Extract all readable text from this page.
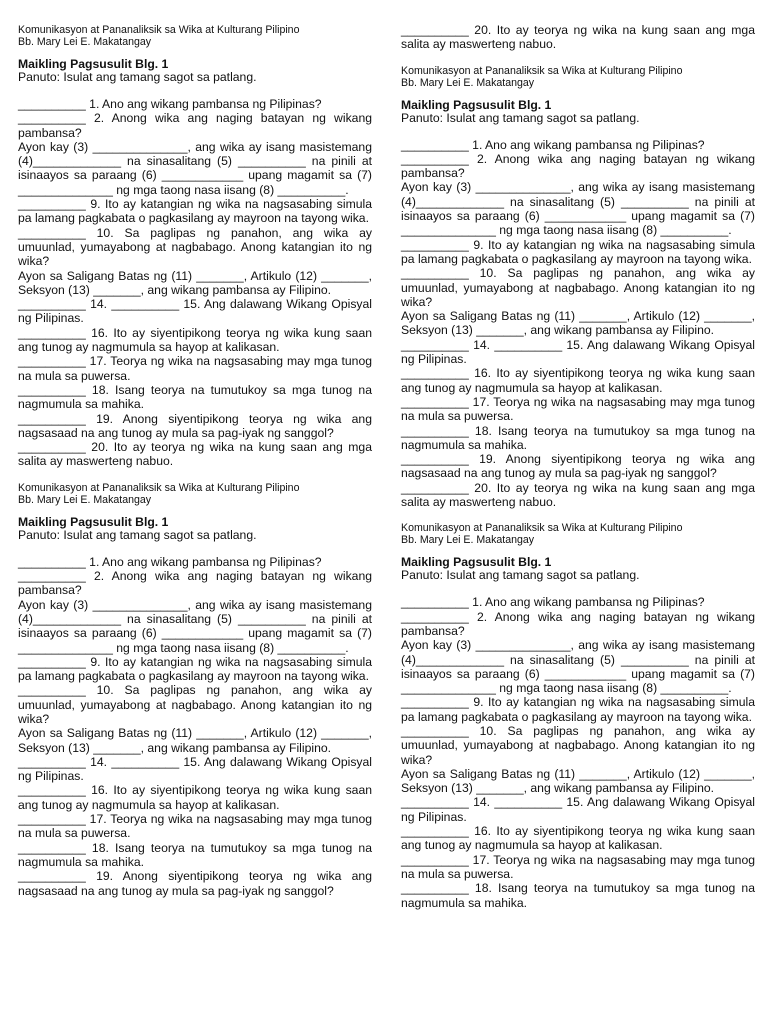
Komunikasyon at Pananaliksik sa Wika at Kulturang Pilipino
Bb. Mary Lei E. Makatangay
Maikling Pagsusulit Blg. 1
Panuto: Isulat ang tamang sagot sa patlang.

__________ 1. Ano ang wikang pambansa ng Pilipinas?

__________ 2. Anong wika ang naging batayan ng wikang pambansa?

Ayon kay (3) ______________, ang wika ay isang masistemang (4)_____________ na sinasalitang (5) __________ na pinili at isinaayos sa paraang (6) ____________ upang magamit sa (7) ______________ ng mga taong nasa iisang (8) __________.

__________ 9. Ito ay katangian ng wika na nagsasabing simula pa lamang pagkabata o pagkasilang ay mayroon na tayong wika.

__________ 10. Sa paglipas ng panahon, ang wika ay umuunlad, yumayabong at nagbabago. Anong katangian ito ng wika?

Ayon sa Saligang Batas ng (11) _______, Artikulo (12) _______, Seksyon (13) _______, ang wikang pambansa ay Filipino.

__________ 14. __________ 15. Ang dalawang Wikang Opisyal ng Pilipinas.

__________ 16. Ito ay siyentipikong teorya ng wika kung saan ang tunog ay nagmumula sa hayop at kalikasan.

__________ 17. Teorya ng wika na nagsasabing may mga tunog na mula sa puwersa.

__________ 18. Isang teorya na tumutukoy sa mga tunog na nagmumula sa mahika.

__________ 19. Anong siyentipikong teorya ng wika ang nagsasaad na ang tunog ay mula sa pag-iyak ng sanggol?

__________ 20. Ito ay teorya ng wika na kung saan ang mga salita ay maswerteng nabuo.

Komunikasyon at Pananaliksik sa Wika at Kulturang Pilipino
Bb. Mary Lei E. Makatangay
Maikling Pagsusulit Blg. 1
Panuto: Isulat ang tamang sagot sa patlang.

__________ 1. Ano ang wikang pambansa ng Pilipinas?

__________ 2. Anong wika ang naging batayan ng wikang pambansa?

Ayon kay (3) ______________, ang wika ay isang masistemang (4)_____________ na sinasalitang (5) __________ na pinili at isinaayos sa paraang (6) ____________ upang magamit sa (7) ______________ ng mga taong nasa iisang (8) __________.

__________ 9. Ito ay katangian ng wika na nagsasabing simula pa lamang pagkabata o pagkasilang ay mayroon na tayong wika.

__________ 10. Sa paglipas ng panahon, ang wika ay umuunlad, yumayabong at nagbabago. Anong katangian ito ng wika?

Ayon sa Saligang Batas ng (11) _______, Artikulo (12) _______, Seksyon (13) _______, ang wikang pambansa ay Filipino.

__________ 14. __________ 15. Ang dalawang Wikang Opisyal ng Pilipinas.

__________ 16. Ito ay siyentipikong teorya ng wika kung saan ang tunog ay nagmumula sa hayop at kalikasan.

__________ 17. Teorya ng wika na nagsasabing may mga tunog na mula sa puwersa.

__________ 18. Isang teorya na tumutukoy sa mga tunog na nagmumula sa mahika.

__________ 19. Anong siyentipikong teorya ng wika ang nagsasaad na ang tunog ay mula sa pag-iyak ng sanggol?

__________ 20. Ito ay teorya ng wika na kung saan ang mga salita ay maswerteng nabuo.

Komunikasyon at Pananaliksik sa Wika at Kulturang Pilipino
Bb. Mary Lei E. Makatangay
Maikling Pagsusulit Blg. 1
Panuto: Isulat ang tamang sagot sa patlang.

__________ 1. Ano ang wikang pambansa ng Pilipinas?

__________ 2. Anong wika ang naging batayan ng wikang pambansa?

Ayon kay (3) ______________, ang wika ay isang masistemang (4)_____________ na sinasalitang (5) __________ na pinili at isinaayos sa paraang (6) ____________ upang magamit sa (7) ______________ ng mga taong nasa iisang (8) __________.

__________ 9. Ito ay katangian ng wika na nagsasabing simula pa lamang pagkabata o pagkasilang ay mayroon na tayong wika.

__________ 10. Sa paglipas ng panahon, ang wika ay umuunlad, yumayabong at nagbabago. Anong katangian ito ng wika?

Ayon sa Saligang Batas ng (11) _______, Artikulo (12) _______, Seksyon (13) _______, ang wikang pambansa ay Filipino.

__________ 14. __________ 15. Ang dalawang Wikang Opisyal ng Pilipinas.

__________ 16. Ito ay siyentipikong teorya ng wika kung saan ang tunog ay nagmumula sa hayop at kalikasan.

__________ 17. Teorya ng wika na nagsasabing may mga tunog na mula sa puwersa.

__________ 18. Isang teorya na tumutukoy sa mga tunog na nagmumula sa mahika.

__________ 19. Anong siyentipikong teorya ng wika ang nagsasaad na ang tunog ay mula sa pag-iyak ng sanggol?

__________ 20. Ito ay teorya ng wika na kung saan ang mga salita ay maswerteng nabuo.

Komunikasyon at Pananaliksik sa Wika at Kulturang Pilipino
Bb. Mary Lei E. Makatangay
Maikling Pagsusulit Blg. 1
Panuto: Isulat ang tamang sagot sa patlang.

__________ 1. Ano ang wikang pambansa ng Pilipinas?

__________ 2. Anong wika ang naging batayan ng wikang pambansa?

Ayon kay (3) ______________, ang wika ay isang masistemang (4)_____________ na sinasalitang (5) __________ na pinili at isinaayos sa paraang (6) ____________ upang magamit sa (7) ______________ ng mga taong nasa iisang (8) __________.

__________ 9. Ito ay katangian ng wika na nagsasabing simula pa lamang pagkabata o pagkasilang ay mayroon na tayong wika.

__________ 10. Sa paglipas ng panahon, ang wika ay umuunlad, yumayabong at nagbabago. Anong katangian ito ng wika?

Ayon sa Saligang Batas ng (11) _______, Artikulo (12) _______, Seksyon (13) _______, ang wikang pambansa ay Filipino.

__________ 14. __________ 15. Ang dalawang Wikang Opisyal ng Pilipinas.

__________ 16. Ito ay siyentipikong teorya ng wika kung saan ang tunog ay nagmumula sa hayop at kalikasan.

__________ 17. Teorya ng wika na nagsasabing may mga tunog na mula sa puwersa.

__________ 18. Isang teorya na tumutukoy sa mga tunog na nagmumula sa mahika.
